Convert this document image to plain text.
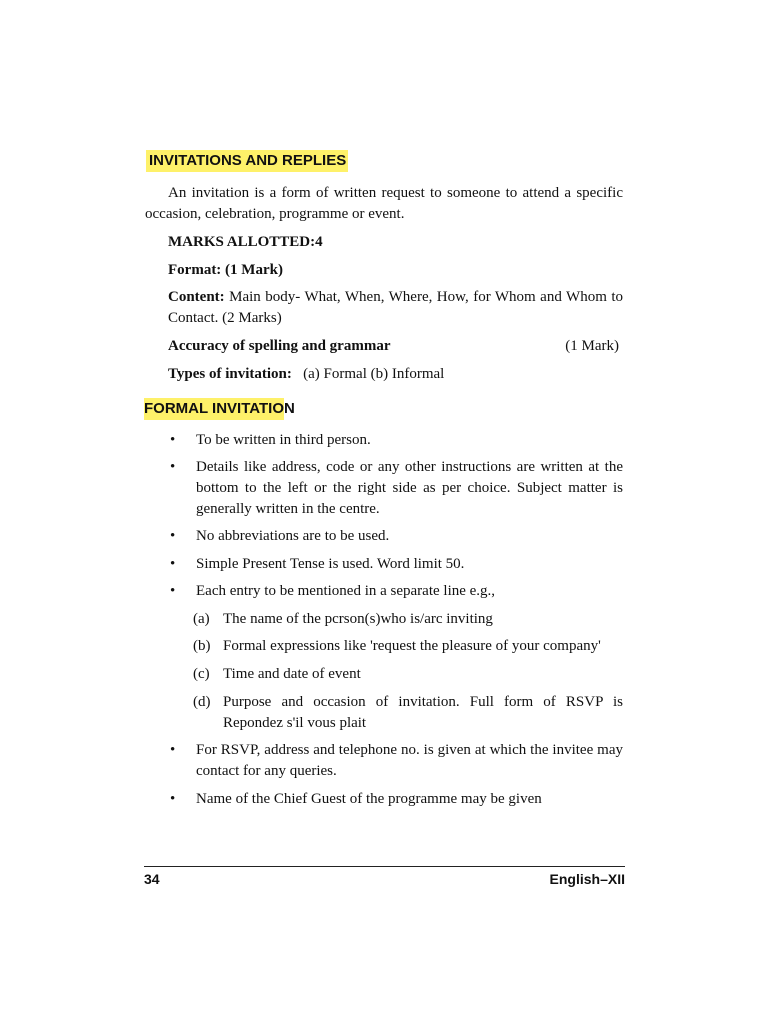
INVITATIONS AND REPLIES
An invitation is a form of written request to someone to attend a specific occasion, celebration, programme or event.
MARKS ALLOTTED:4
Format: (1 Mark)
Content: Main body- What, When, Where, How, for Whom and Whom to Contact. (2 Marks)
Accuracy of spelling and grammar	(1 Mark)
Types of invitation:   (a) Formal (b) Informal
FORMAL INVITATION
• To be written in third person.
• Details like address, code or any other instructions are written at the bottom to the left or the right side as per choice. Subject matter is generally written in the centre.
• No abbreviations are to be used.
• Simple Present Tense is used. Word limit 50.
• Each entry to be mentioned in a separate line e.g.,
(a) The name of the pcrson(s)who is/arc inviting
(b) Formal expressions like 'request the pleasure of your company'
(c) Time and date of event
(d) Purpose and occasion of invitation. Full form of RSVP is Repondez s'il vous plait
• For RSVP, address and telephone no. is given at which the invitee may contact for any queries.
• Name of the Chief Guest of the programme may be given
34	English–XII
